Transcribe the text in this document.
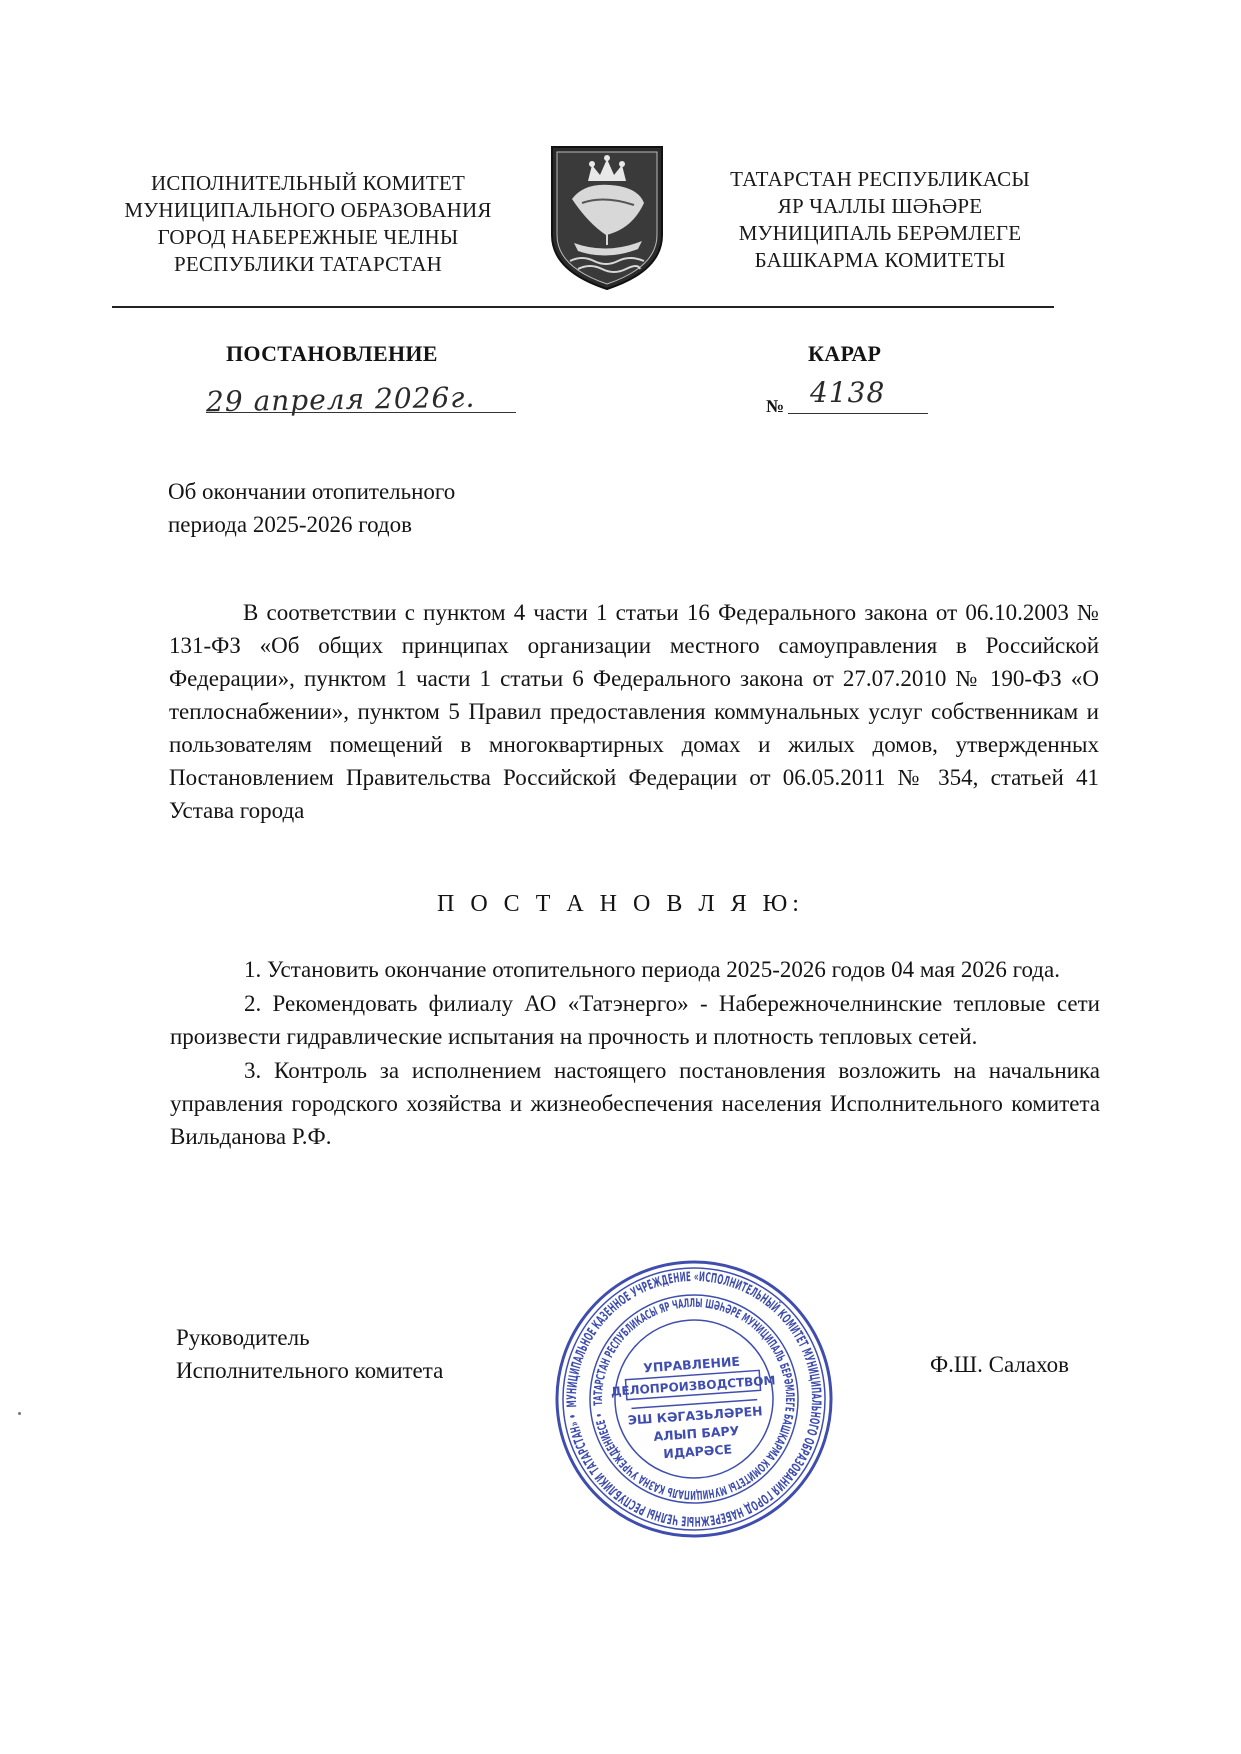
ИСПОЛНИТЕЛЬНЫЙ КОМИТЕТ
МУНИЦИПАЛЬНОГО ОБРАЗОВАНИЯ
ГОРОД НАБЕРЕЖНЫЕ ЧЕЛНЫ
РЕСПУБЛИКИ ТАТАРСТАН
ТАТАРСТАН РЕСПУБЛИКАСЫ
ЯР ЧАЛЛЫ ШӘҺӘРЕ
МУНИЦИПАЛЬ БЕРӘМЛЕГЕ
БАШКАРМА КОМИТЕТЫ
ПОСТАНОВЛЕНИЕ	КАРАР
29 апреля 2026г.	№ 4138
Об окончании отопительного
периода 2025-2026 годов
В соответствии с пунктом 4 части 1 статьи 16 Федерального закона от 06.10.2003 № 131-ФЗ «Об общих принципах организации местного самоуправления в Российской Федерации», пунктом 1 части 1 статьи 6 Федерального закона от 27.07.2010 № 190-ФЗ «О теплоснабжении», пунктом 5 Правил предоставления коммунальных услуг собственникам и пользователям помещений в многоквартирных домах и жилых домов, утвержденных Постановлением Правительства Российской Федерации от 06.05.2011 № 354, статьей 41 Устава города
П О С Т А Н О В Л Я Ю:
1. Установить окончание отопительного периода 2025-2026 годов 04 мая 2026 года.
2. Рекомендовать филиалу АО «Татэнерго» - Набережночелнинские тепловые сети произвести гидравлические испытания на прочность и плотность тепловых сетей.
3. Контроль за исполнением настоящего постановления возложить на начальника управления городского хозяйства и жизнеобеспечения населения Исполнительного комитета Вильданова Р.Ф.
Руководитель
Исполнительного комитета	Ф.Ш. Салахов
МУНИЦИПАЛЬНОЕ КАЗЕННОЕ УЧРЕЖДЕНИЕ «ИСПОЛНИТЕЛЬНЫЙ КОМИТЕТ МУНИЦИПАЛЬНОГО ОБРАЗОВАНИЯ ГОРОД НАБЕРЕЖНЫЕ ЧЕЛНЫ РЕСПУБЛИКИ ТАТАРСТАН» •
ТАТАРСТАН РЕСПУБЛИКАСЫ ЯР ЧАЛЛЫ ШӘҺӘРЕ МУНИЦИПАЛЬ БЕРӘМЛЕГЕ БАШКАРМА КОМИТЕТЫ МУНИЦИПАЛЬ КАЗНА УЧРЕЖДЕНИЕСЕ •
УПРАВЛЕНИЕ
ДЕЛОПРОИЗВОДСТВОМ
ЭШ КӘГАЗЬЛӘРЕН
АЛЫП БАРУ
ИДАРӘСЕ
